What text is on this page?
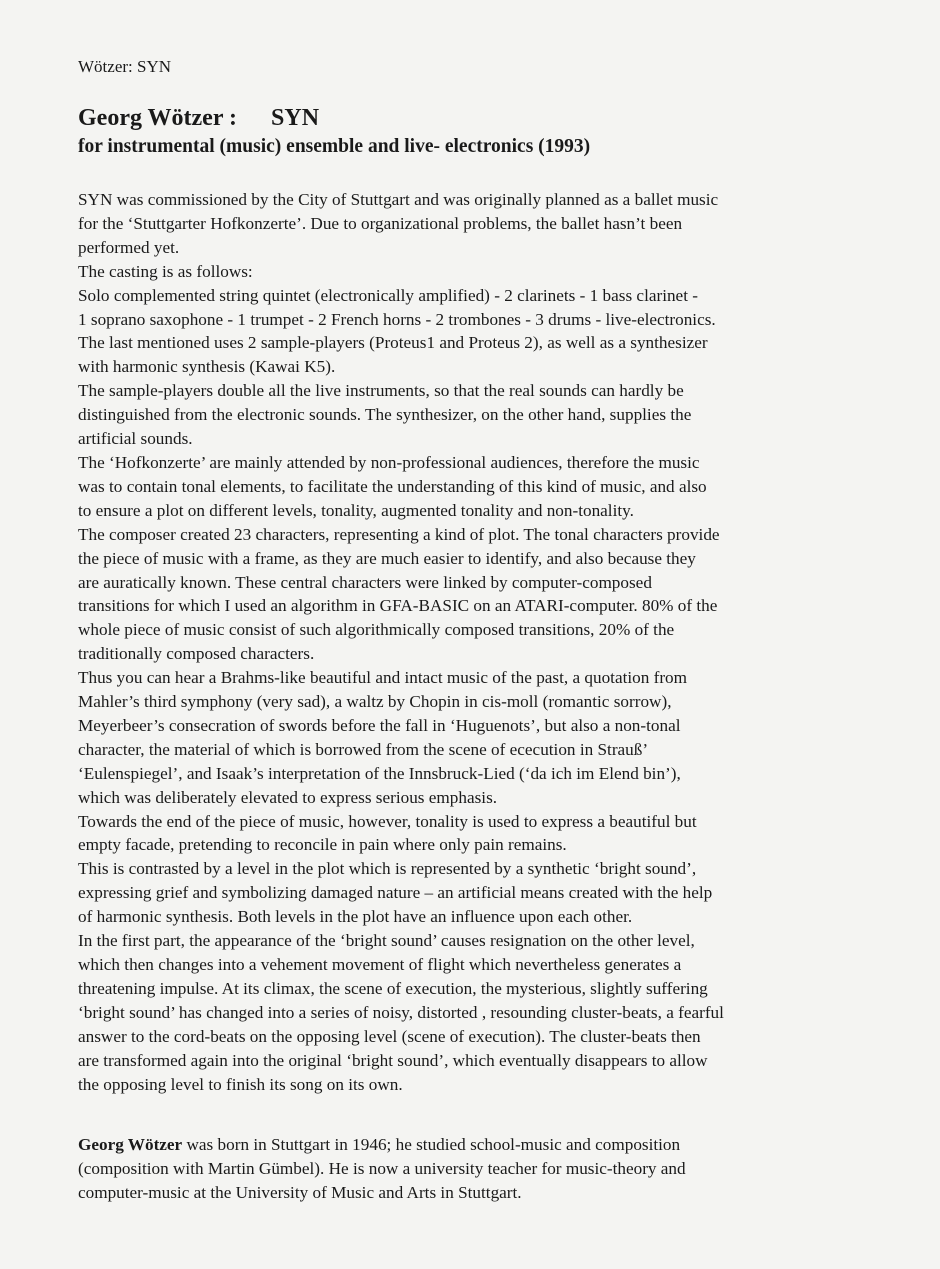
Wötzer: SYN
Georg Wötzer : SYN
for instrumental (music) ensemble and live- electronics (1993)
SYN was commissioned by the City of Stuttgart and was originally planned as a ballet music
for the ‘Stuttgarter Hofkonzerte’. Due to organizational problems, the ballet hasn’t been
performed yet.
The casting is as follows:
Solo complemented string quintet (electronically amplified) - 2 clarinets - 1 bass clarinet -
1 soprano saxophone - 1 trumpet - 2 French horns - 2 trombones - 3 drums - live-electronics.
The last mentioned uses 2 sample-players (Proteus1 and Proteus 2), as well as a synthesizer
with harmonic synthesis (Kawai K5).
The sample-players double all the live instruments, so that the real sounds can hardly be
distinguished from the electronic sounds. The synthesizer, on the other hand, supplies the
artificial sounds.
The ‘Hofkonzerte’ are mainly attended by non-professional audiences, therefore the music
was to contain tonal elements, to facilitate the understanding of this kind of music, and also
to ensure a plot on different levels, tonality, augmented tonality and non-tonality.
The composer created 23 characters, representing a kind of plot. The tonal characters provide
the piece of music with a frame, as they are much easier to identify, and also because they
are auratically known. These central characters were linked by computer-composed
transitions for which I used an algorithm in GFA-BASIC on an ATARI-computer. 80% of the
whole piece of music consist of such algorithmically composed transitions, 20% of the
traditionally composed characters.
Thus you can hear a Brahms-like beautiful and intact music of the past, a quotation from
Mahler’s third symphony (very sad), a waltz by Chopin in cis-moll (romantic sorrow),
Meyerbeer’s consecration of swords before the fall in ‘Huguenots’, but also a non-tonal
character, the material of which is borrowed from the scene of ececution in Strauß’
‘Eulenspiegel’, and Isaak’s interpretation of the Innsbruck-Lied (‘da ich im Elend bin’),
which was deliberately elevated to express serious emphasis.
Towards the end of the piece of music, however, tonality is used to express a beautiful but
empty facade, pretending to reconcile in pain where only pain remains.
This is contrasted by a level in the plot which is represented by a synthetic ‘bright sound’,
expressing grief and symbolizing damaged nature – an artificial means created with the help
of harmonic synthesis. Both levels in the plot have an influence upon each other.
In the first part, the appearance of the ‘bright sound’ causes resignation on the other level,
which then changes into a vehement movement of flight which nevertheless generates a
threatening impulse. At its climax, the scene of execution, the mysterious, slightly suffering
‘bright sound’ has changed into a series of noisy, distorted , resounding cluster-beats, a fearful
answer to the cord-beats on the opposing level (scene of execution). The cluster-beats then
are transformed again into the original ‘bright sound’, which eventually disappears to allow
the opposing level to finish its song on its own.
Georg Wötzer was born in Stuttgart in 1946; he studied school-music and composition
(composition with Martin Gümbel). He is now a university teacher for music-theory and
computer-music at the University of Music and Arts in Stuttgart.
